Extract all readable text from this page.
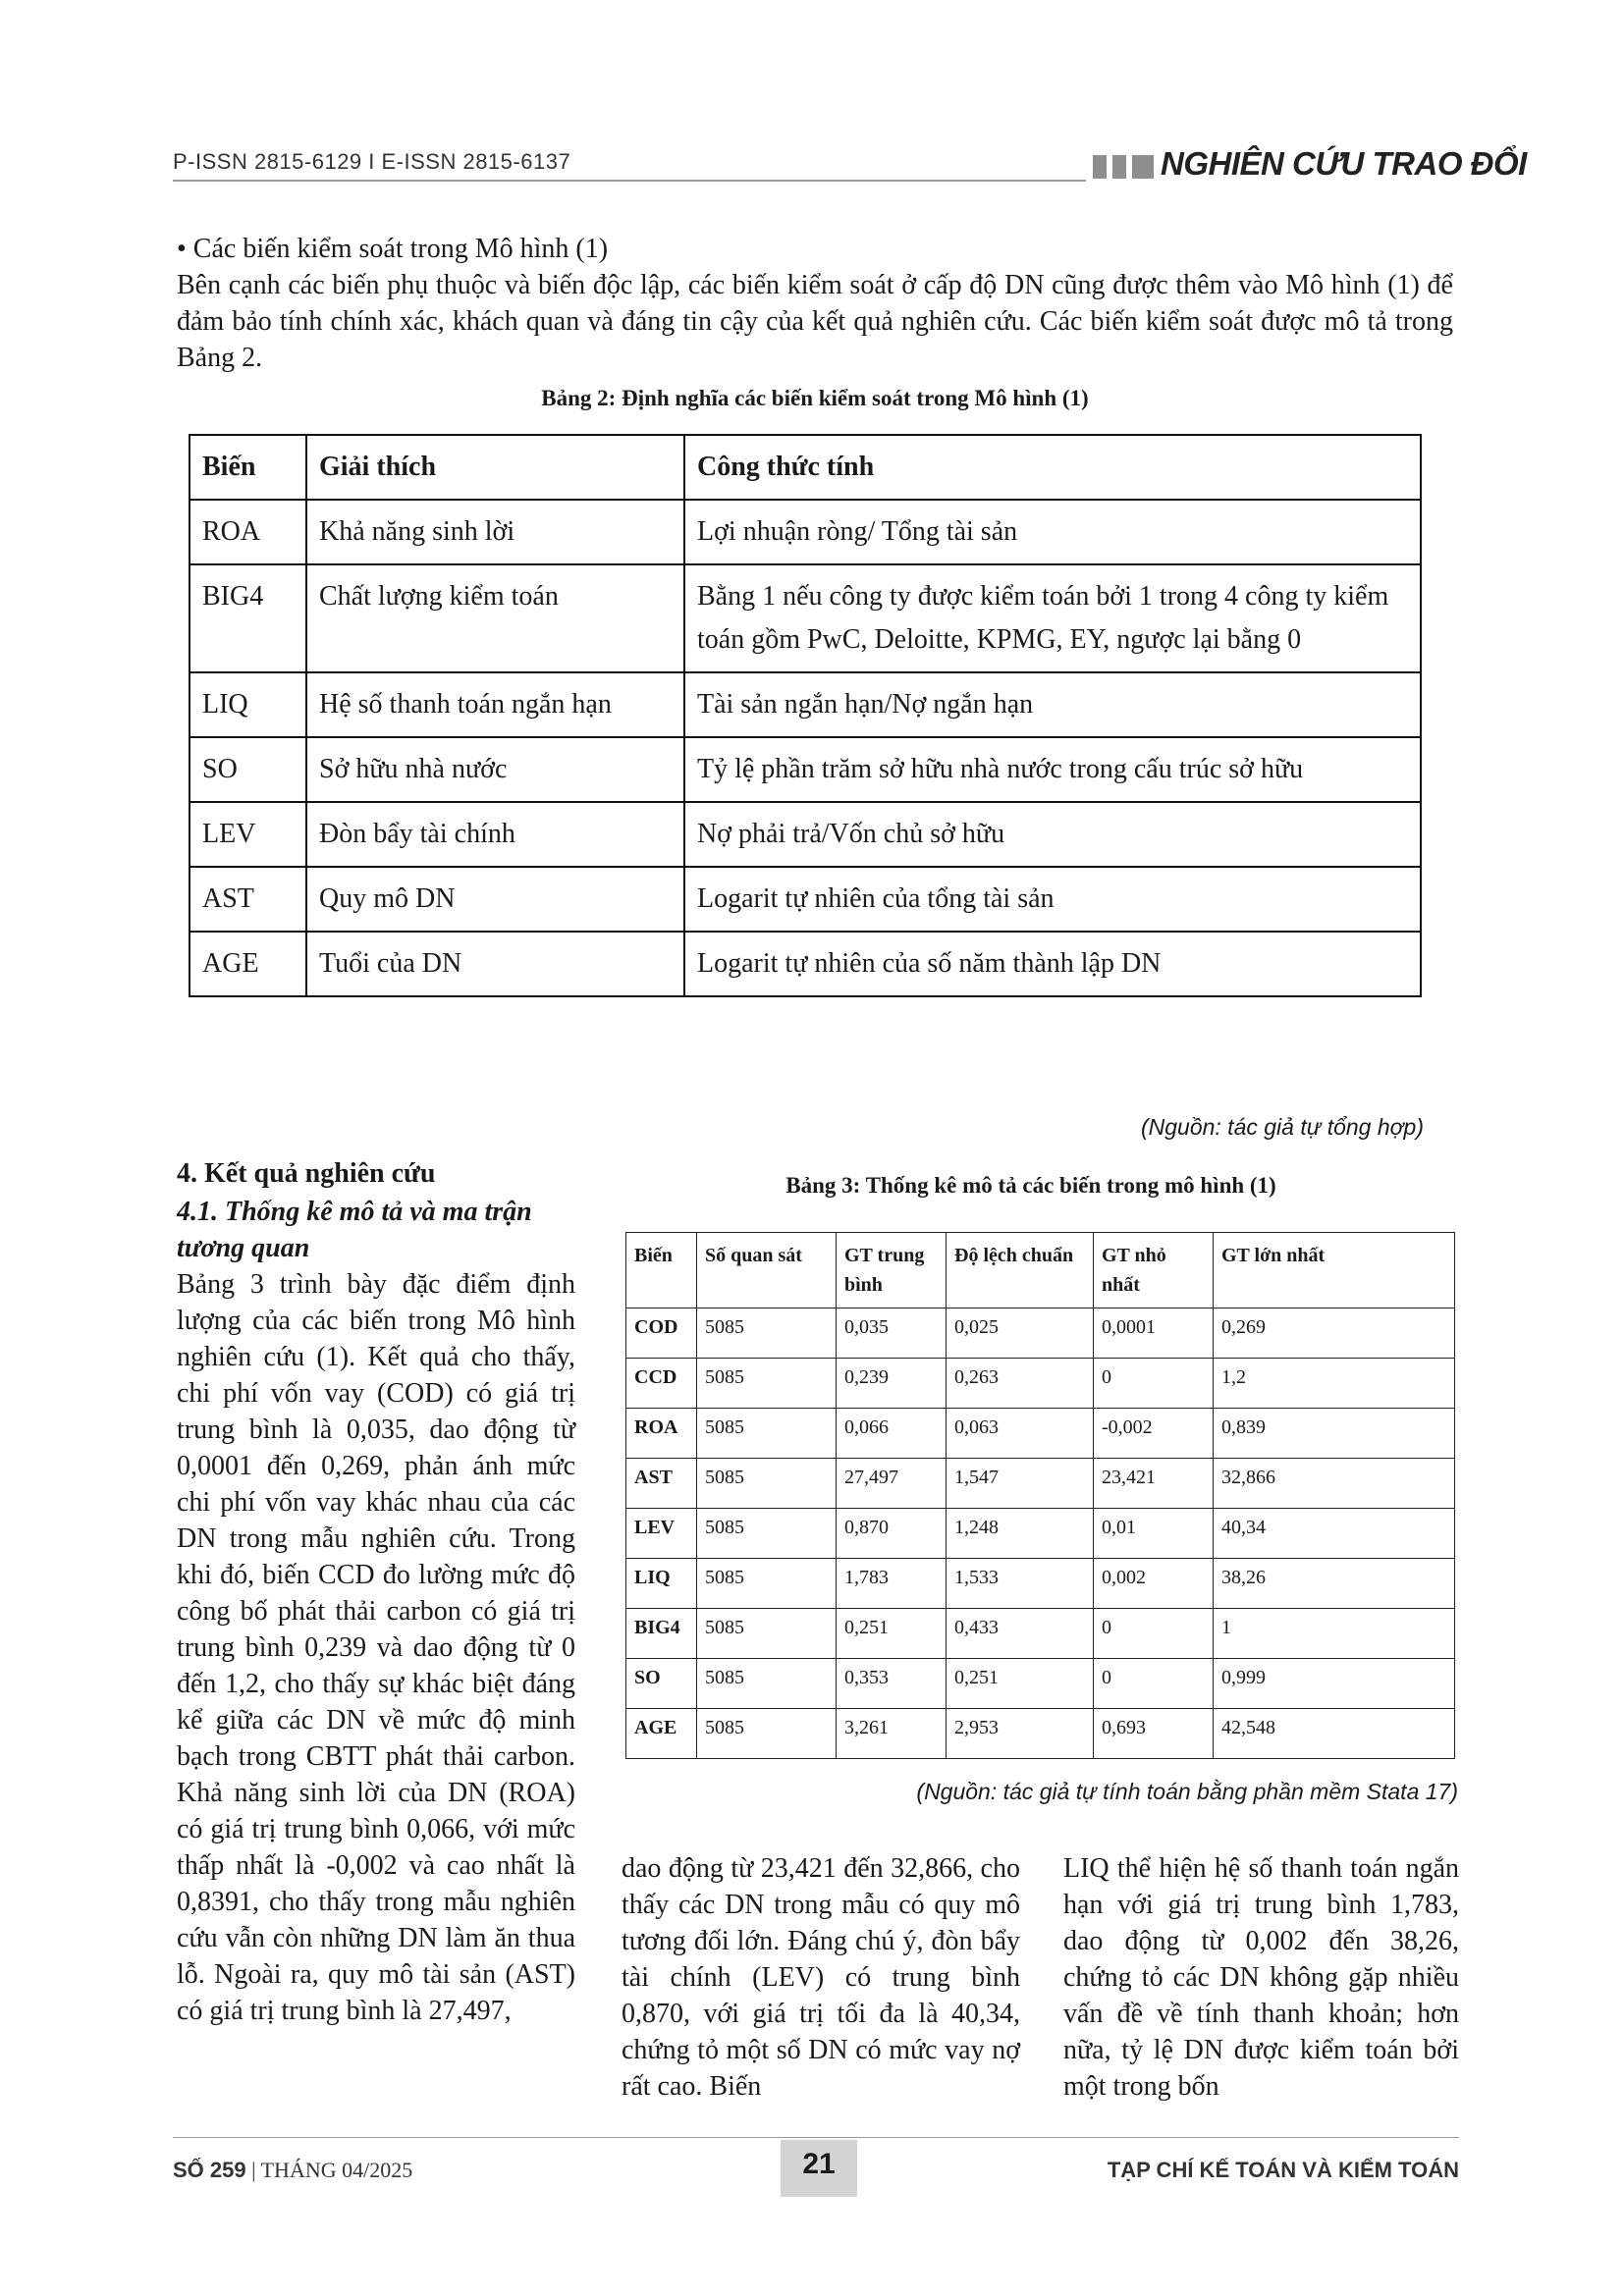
P-ISSN 2815-6129 I E-ISSN 2815-6137	NGHIÊN CỨU TRAO ĐỔI

• Các biến kiểm soát trong Mô hình (1)

Bên cạnh các biến phụ thuộc và biến độc lập, các biến kiểm soát ở cấp độ DN cũng được thêm vào Mô hình (1) để đảm bảo tính chính xác, khách quan và đáng tin cậy của kết quả nghiên cứu. Các biến kiểm soát được mô tả trong Bảng 2.

Bảng 2: Định nghĩa các biến kiểm soát trong Mô hình (1)
Biến	Giải thích	Công thức tính
ROA	Khả năng sinh lời	Lợi nhuận ròng/ Tổng tài sản
BIG4	Chất lượng kiểm toán	Bằng 1 nếu công ty được kiểm toán bởi 1 trong 4 công ty kiểm toán gồm PwC, Deloitte, KPMG, EY, ngược lại bằng 0
LIQ	Hệ số thanh toán ngắn hạn	Tài sản ngắn hạn/Nợ ngắn hạn
SO	Sở hữu nhà nước	Tỷ lệ phần trăm sở hữu nhà nước trong cấu trúc sở hữu
LEV	Đòn bẩy tài chính	Nợ phải trả/Vốn chủ sở hữu
AST	Quy mô DN	Logarit tự nhiên của tổng tài sản
AGE	Tuổi của DN	Logarit tự nhiên của số năm thành lập DN
(Nguồn: tác giả tự tổng hợp)
4. Kết quả nghiên cứu
4.1. Thống kê mô tả và ma trận tương quan

Bảng 3 trình bày đặc điểm định lượng của các biến trong Mô hình nghiên cứu (1). Kết quả cho thấy, chi phí vốn vay (COD) có giá trị trung bình là 0,035, dao động từ 0,0001 đến 0,269, phản ánh mức chi phí vốn vay khác nhau của các DN trong mẫu nghiên cứu. Trong khi đó, biến CCD đo lường mức độ công bố phát thải carbon có giá trị trung bình 0,239 và dao động từ 0 đến 1,2, cho thấy sự khác biệt đáng kể giữa các DN về mức độ minh bạch trong CBTT phát thải carbon. Khả năng sinh lời của DN (ROA) có giá trị trung bình 0,066, với mức thấp nhất là -0,002 và cao nhất là 0,8391, cho thấy trong mẫu nghiên cứu vẫn còn những DN làm ăn thua lỗ. Ngoài ra, quy mô tài sản (AST) có giá trị trung bình là 27,497,

Bảng 3: Thống kê mô tả các biến trong mô hình (1)
Biến	Số quan sát	GT trung bình	Độ lệch chuẩn	GT nhỏ nhất	GT lớn nhất
COD	5085	0,035	0,025	0,0001	0,269
CCD	5085	0,239	0,263	0	1,2
ROA	5085	0,066	0,063	-0,002	0,839
AST	5085	27,497	1,547	23,421	32,866
LEV	5085	0,870	1,248	0,01	40,34
LIQ	5085	1,783	1,533	0,002	38,26
BIG4	5085	0,251	0,433	0	1
SO	5085	0,353	0,251	0	0,999
AGE	5085	3,261	2,953	0,693	42,548
(Nguồn: tác giả tự tính toán bằng phần mềm Stata 17)

dao động từ 23,421 đến 32,866, cho thấy các DN trong mẫu có quy mô tương đối lớn. Đáng chú ý, đòn bẩy tài chính (LEV) có trung bình 0,870, với giá trị tối đa là 40,34, chứng tỏ một số DN có mức vay nợ rất cao. Biến

LIQ thể hiện hệ số thanh toán ngắn hạn với giá trị trung bình 1,783, dao động từ 0,002 đến 38,26, chứng tỏ các DN không gặp nhiều vấn đề về tính thanh khoản; hơn nữa, tỷ lệ DN được kiểm toán bởi một trong bốn

SỐ 259 | THÁNG 04/2025	21	TẠP CHÍ KẾ TOÁN VÀ KIỂM TOÁN
